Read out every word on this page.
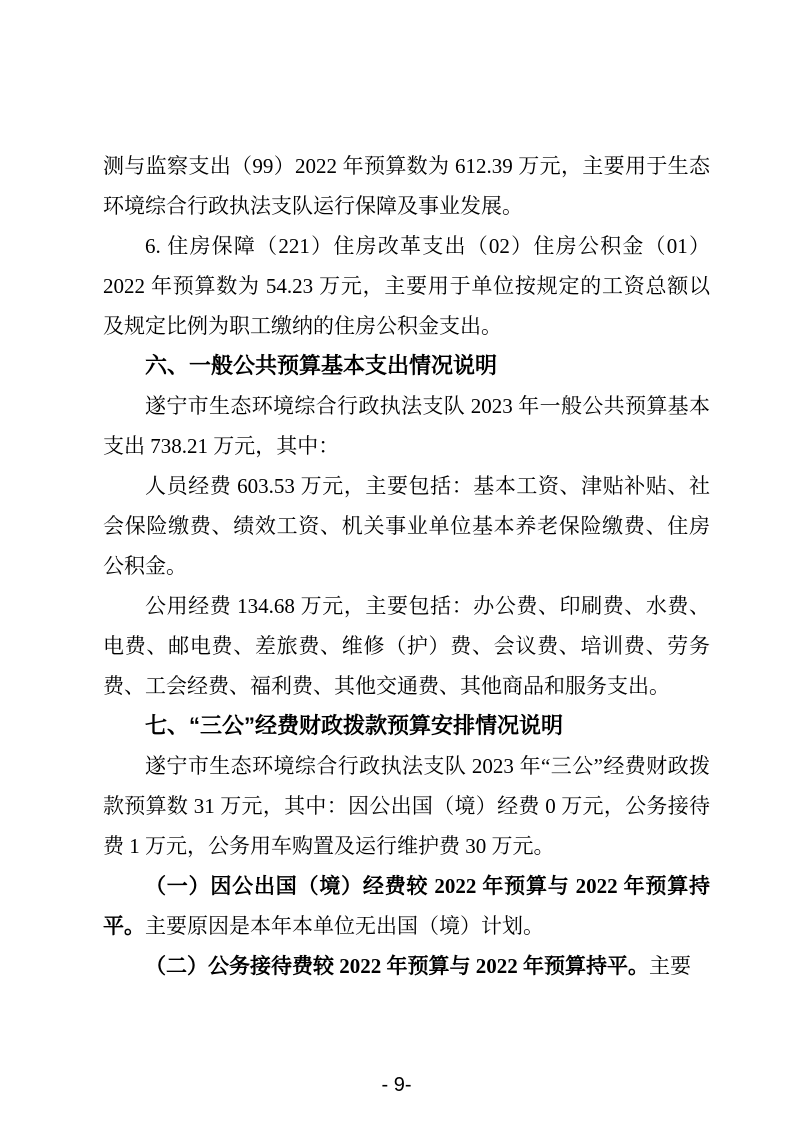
测与监察支出（99）2022 年预算数为 612.39 万元，主要用于生态环境综合行政执法支队运行保障及事业发展。

6. 住房保障（221）住房改革支出（02）住房公积金（01）2022 年预算数为 54.23 万元，主要用于单位按规定的工资总额以及规定比例为职工缴纳的住房公积金支出。

六、一般公共预算基本支出情况说明

遂宁市生态环境综合行政执法支队 2023 年一般公共预算基本支出 738.21 万元，其中：

人员经费 603.53 万元，主要包括：基本工资、津贴补贴、社会保险缴费、绩效工资、机关事业单位基本养老保险缴费、住房公积金。

公用经费 134.68 万元，主要包括：办公费、印刷费、水费、电费、邮电费、差旅费、维修（护）费、会议费、培训费、劳务费、工会经费、福利费、其他交通费、其他商品和服务支出。

七、“三公”经费财政拨款预算安排情况说明

遂宁市生态环境综合行政执法支队 2023 年“三公”经费财政拨款预算数 31 万元，其中：因公出国（境）经费 0 万元，公务接待费 1 万元，公务用车购置及运行维护费 30 万元。

（一）因公出国（境）经费较 2022 年预算与 2022 年预算持平。主要原因是本年本单位无出国（境）计划。

（二）公务接待费较 2022 年预算与 2022 年预算持平。主要

- 9-
